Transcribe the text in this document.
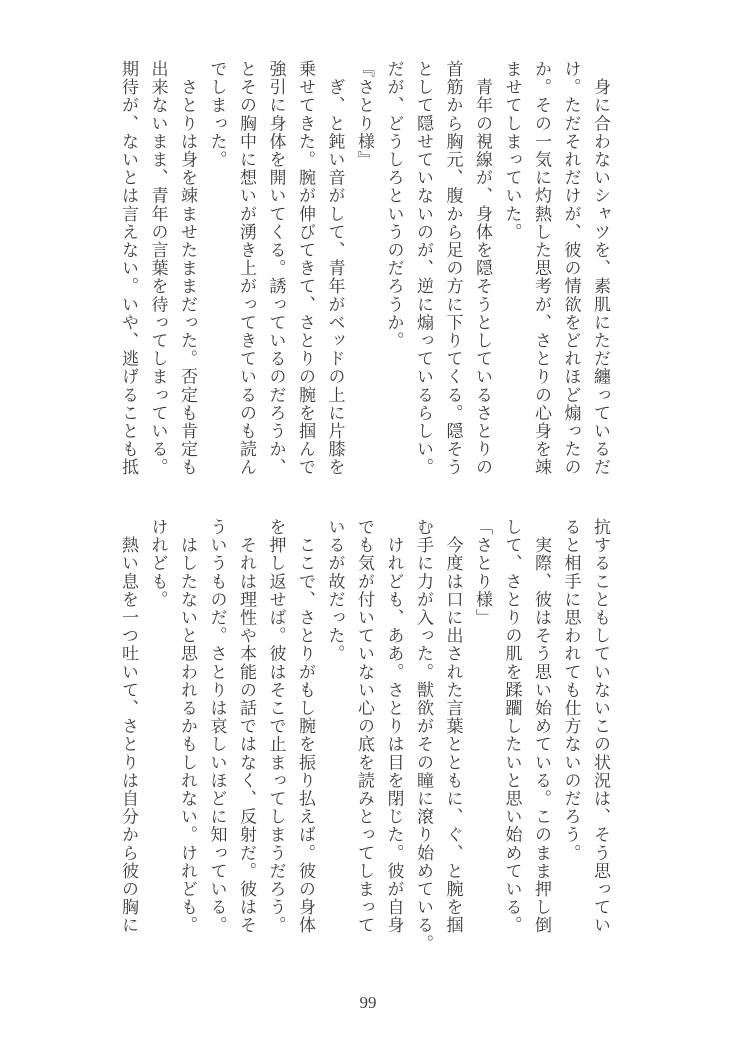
　身に合わないシャツを、素肌にただ纏っているだ
け。ただそれだけが、彼の情欲をどれほど煽ったの
か。その一気に灼熱した思考が、さとりの心身を竦
ませてしまっていた。
　青年の視線が、身体を隠そうとしているさとりの
首筋から胸元、腹から足の方に下りてくる。隠そう
として隠せていないのが、逆に煽っているらしい。
だが、どうしろというのだろうか。
『さとり様』
　ぎ、と鈍い音がして、青年がベッドの上に片膝を
乗せてきた。腕が伸びてきて、さとりの腕を掴んで
強引に身体を開いてくる。誘っているのだろうか、
とその胸中に想いが湧き上がってきているのも読ん
でしまった。
　さとりは身を竦ませたままだった。否定も肯定も
出来ないまま、青年の言葉を待ってしまっている。
期待が、ないとは言えない。いや、逃げることも抵
抗することもしていないこの状況は、そう思ってい
ると相手に思われても仕方ないのだろう。
　実際、彼はそう思い始めている。このまま押し倒
して、さとりの肌を蹂躙したいと思い始めている。
「さとり様」
　今度は口に出された言葉とともに、ぐ、と腕を掴
む手に力が入った。獣欲がその瞳に滾り始めている。
　けれども、ああ。さとりは目を閉じた。彼が自身
でも気が付いていない心の底を読みとってしまって
いるが故だった。
　ここで、さとりがもし腕を振り払えば。彼の身体
を押し返せば。彼はそこで止まってしまうだろう。
　それは理性や本能の話ではなく、反射だ。彼はそ
ういうものだ。さとりは哀しいほどに知っている。
　はしたないと思われるかもしれない。けれども。
けれども。
　熱い息を一つ吐いて、さとりは自分から彼の胸に
99
